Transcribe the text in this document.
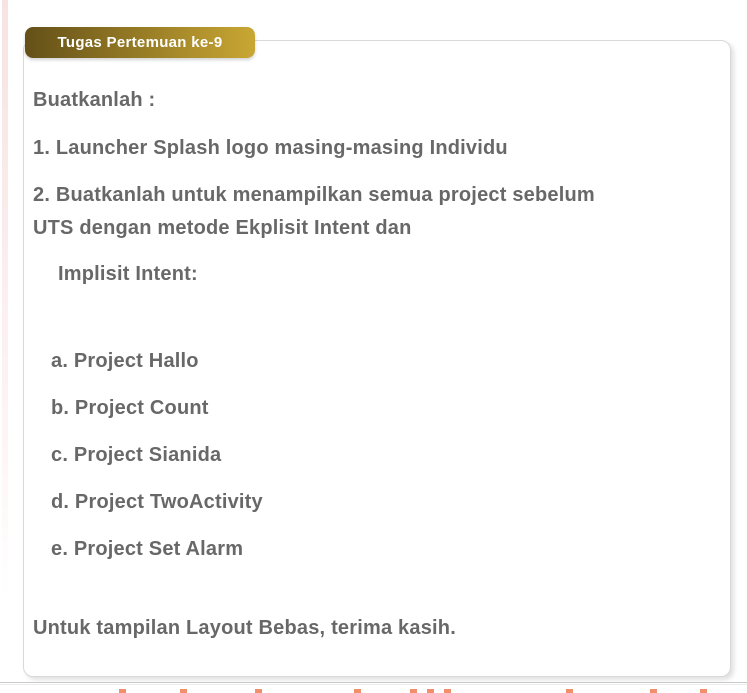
Tugas Pertemuan ke-9
Buatkanlah :
1. Launcher Splash logo masing-masing Individu
2. Buatkanlah untuk menampilkan semua project sebelum
UTS dengan metode Ekplisit Intent dan
Implisit Intent:
a. Project Hallo
b. Project Count
c. Project Sianida
d. Project TwoActivity
e. Project Set Alarm
Untuk tampilan Layout Bebas, terima kasih.
